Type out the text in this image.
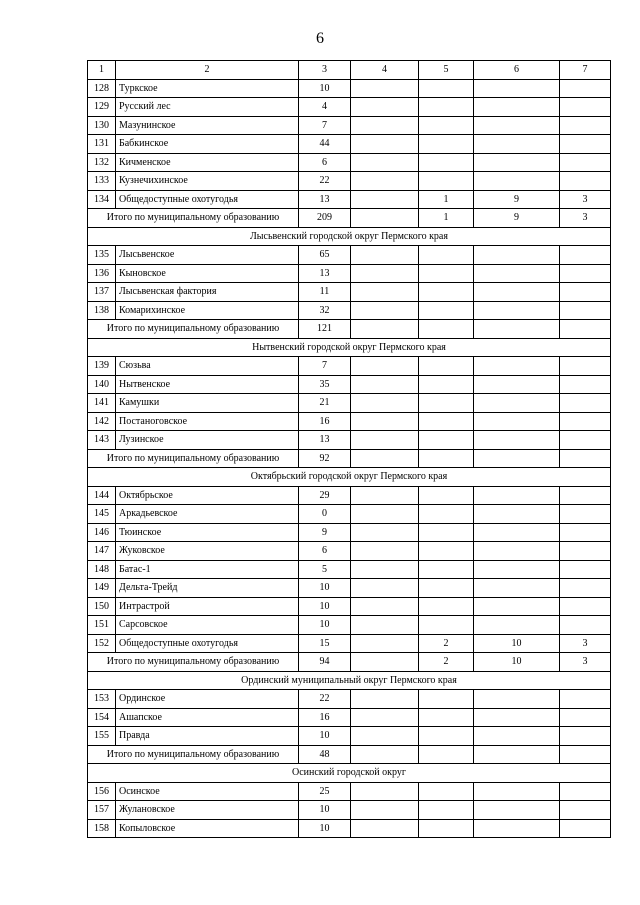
6
1	2	3	4	5	6	7
128	Туркское	10				
129	Русский лес	4				
130	Мазунинское	7				
131	Бабкинское	44				
132	Кичменское	6				
133	Кузнечихинское	22				
134	Общедоступные охотугодья	13		1	9	3
Итого по муниципальному образованию		209		1	9	3
Лысьвенский городской округ Пермского края						
135	Лысьвенское	65				
136	Кыновское	13				
137	Лысьвенская фактория	11				
138	Комарихинское	32				
Итого по муниципальному образованию		121				
Нытвенский городской округ Пермского края						
139	Сюзьва	7				
140	Нытвенское	35				
141	Камушки	21				
142	Постаноговское	16				
143	Лузинское	13				
Итого по муниципальному образованию		92				
Октябрьский городской округ Пермского края						
144	Октябрьское	29				
145	Аркадьевское	0				
146	Тюинское	9				
147	Жуковское	6				
148	Батас-1	5				
149	Дельта-Трейд	10				
150	Интрастрой	10				
151	Сарсовское	10				
152	Общедоступные охотугодья	15		2	10	3
Итого по муниципальному образованию		94		2	10	3
Ординский муниципальный округ Пермского края						
153	Ординское	22				
154	Ашапское	16				
155	Правда	10				
Итого по муниципальному образованию		48				
Осинский городской округ						
156	Осинское	25				
157	Жулановское	10				
158	Копыловское	10				
